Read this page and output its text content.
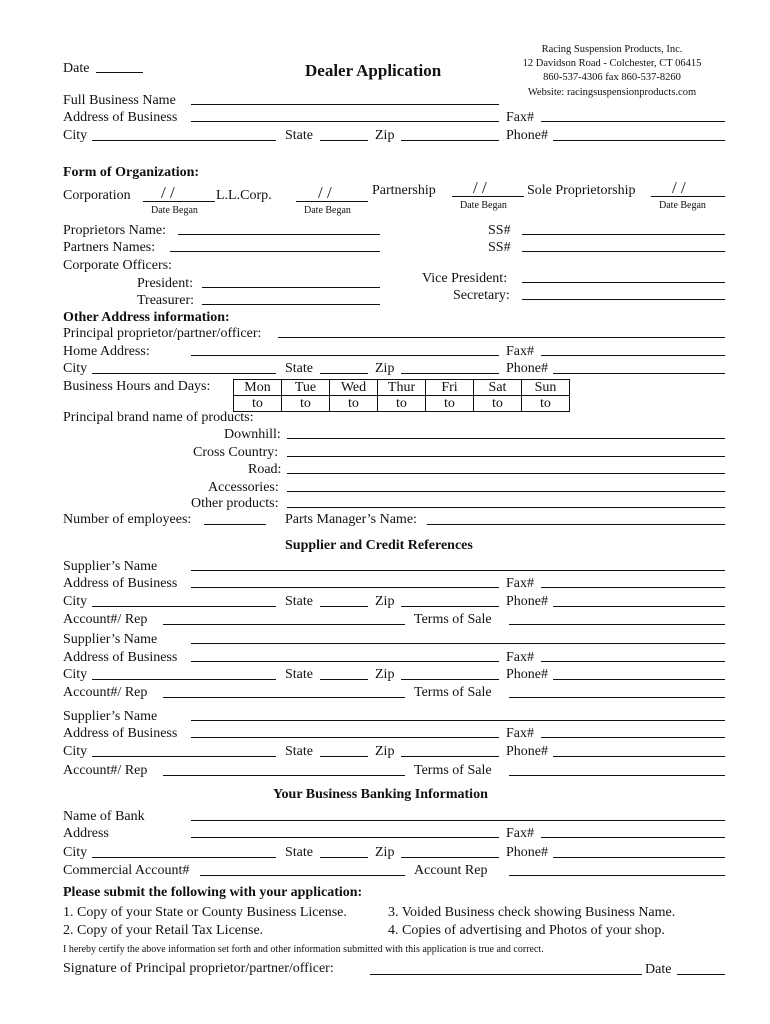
Date	Dealer Application
Racing Suspension Products, Inc.
12 Davidson Road - Colchester, CT 06415
860-537-4306 fax 860-537-8260
Website: racingsuspensionproducts.com
Full Business Name
Address of Business	Fax#
City	State	Zip	Phone#
Form of Organization:
Corporation / /
Date Began
L.L.Corp.	/ /
Date Began
Partnership / /
Date Began
Sole Proprietorship / /
Date Began
Proprietors Name:	SS#
Partners Names:	SS#
Corporate Officers:
President:	Vice President:
Treasurer:	Secretary:
Other Address information:
Principal proprietor/partner/officer:
Home Address:	Fax#
City	State	Zip	Phone#
Business Hours and Days: Mon	Tue	Wed	Thur	Fri	Sat	Sun
to	to	to	to	to	to	to
Principal brand name of products:
Downhill:
Cross Country:
Road:
Accessories:
Other products:
Number of employees:	Parts Manager’s Name:
Supplier and Credit References
Supplier’s Name
Address of Business	Fax#
City	State	Zip	Phone#
Account#/ Rep	Terms of Sale
Supplier’s Name
Address of Business	Fax#
City	State	Zip	Phone#
Account#/ Rep	Terms of Sale
Supplier’s Name
Address of Business	Fax#
City	State	Zip	Phone#
Account#/ Rep	Terms of Sale
Your Business Banking Information
Name of Bank
Address	Fax#
City	State	Zip	Phone#
Commercial Account#	Account Rep
Please submit the following with your application:
1. Copy of your State or County Business License.	3. Voided Business check showing Business Name.
2. Copy of your Retail Tax License.	4. Copies of advertising and Photos of your shop.
I hereby certify the above information set forth and other information submitted with this application is true and correct.
Signature of Principal proprietor/partner/officer:	Date
